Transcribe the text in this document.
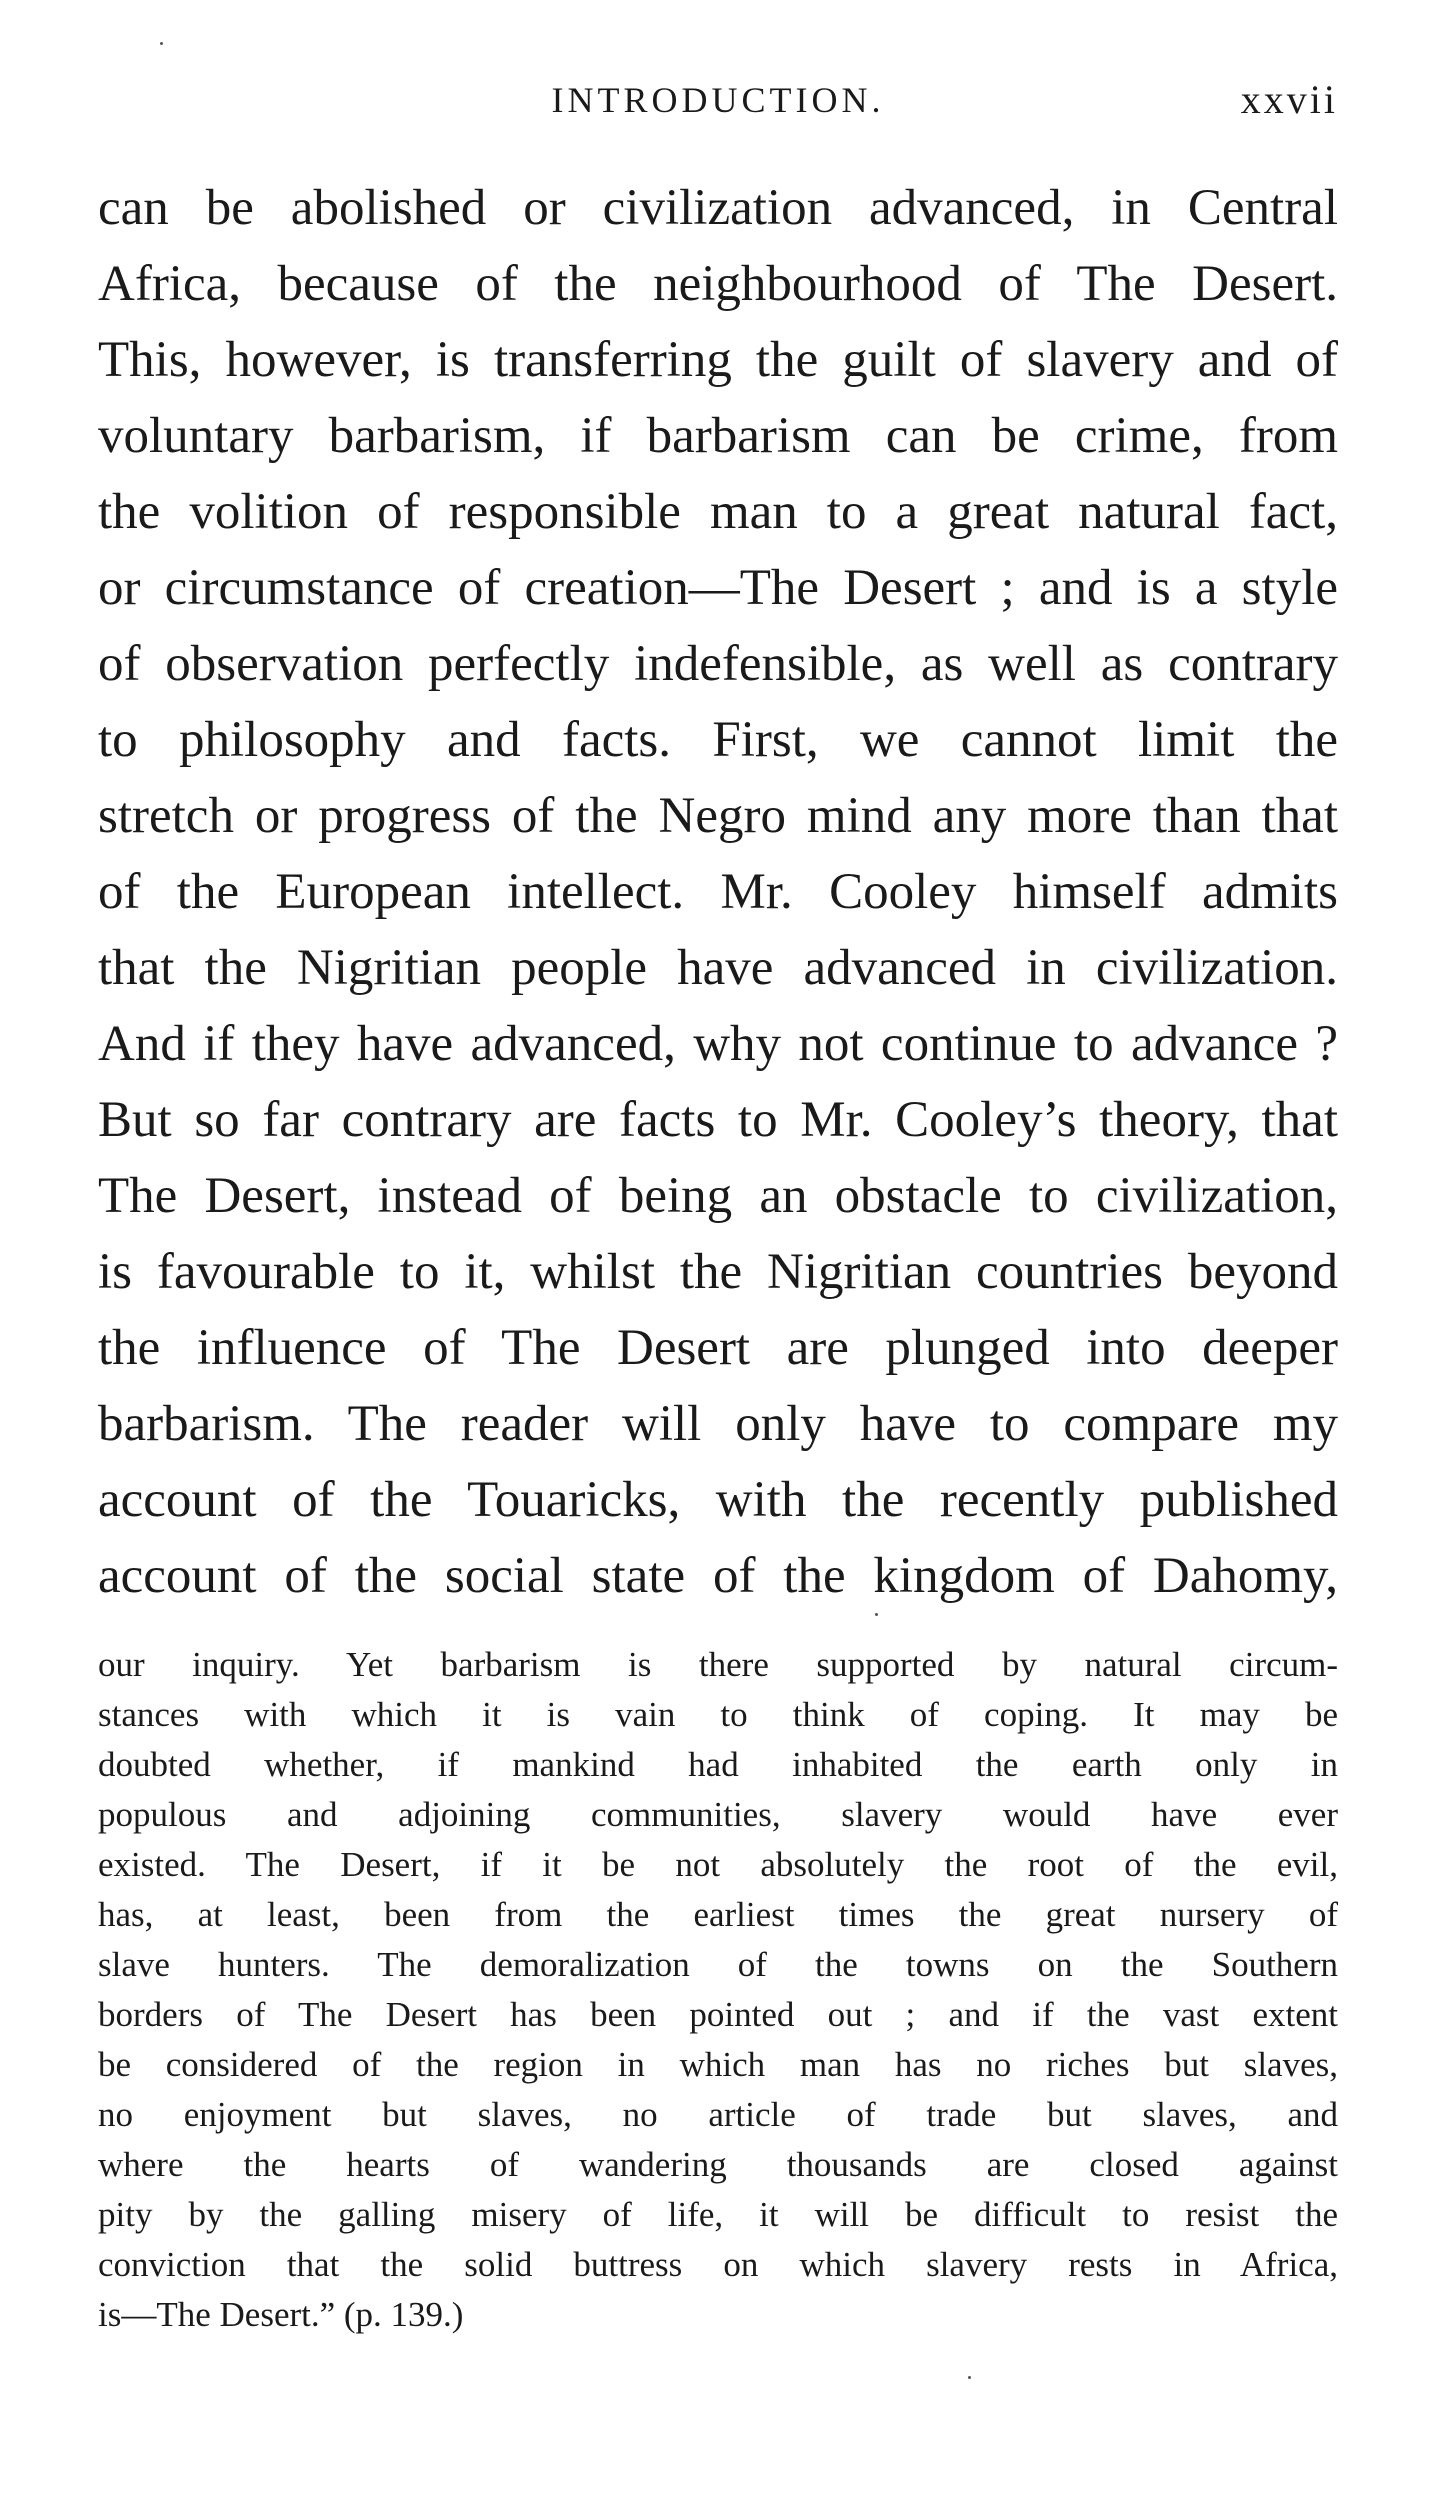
INTRODUCTION.	xxvii
can be abolished or civilization advanced, in Central
Africa, because of the neighbourhood of The Desert.
This, however, is transferring the guilt of slavery and of
voluntary barbarism, if barbarism can be crime, from
the volition of responsible man to a great natural fact,
or circumstance of creation—The Desert ; and is a style
of observation perfectly indefensible, as well as contrary
to philosophy and facts. First, we cannot limit the
stretch or progress of the Negro mind any more than that
of the European intellect. Mr. Cooley himself admits
that the Nigritian people have advanced in civilization.
And if they have advanced, why not continue to advance ?
But so far contrary are facts to Mr. Cooley’s theory, that
The Desert, instead of being an obstacle to civilization,
is favourable to it, whilst the Nigritian countries beyond
the influence of The Desert are plunged into deeper
barbarism. The reader will only have to compare my
account of the Touaricks, with the recently published
account of the social state of the kingdom of Dahomy,
our inquiry. Yet barbarism is there supported by natural circum-
stances with which it is vain to think of coping. It may be
doubted whether, if mankind had inhabited the earth only in
populous and adjoining communities, slavery would have ever
existed. The Desert, if it be not absolutely the root of the evil,
has, at least, been from the earliest times the great nursery of
slave hunters. The demoralization of the towns on the Southern
borders of The Desert has been pointed out ; and if the vast extent
be considered of the region in which man has no riches but slaves,
no enjoyment but slaves, no article of trade but slaves, and
where the hearts of wandering thousands are closed against
pity by the galling misery of life, it will be difficult to resist the
conviction that the solid buttress on which slavery rests in Africa,
is—The Desert.” (p. 139.)
